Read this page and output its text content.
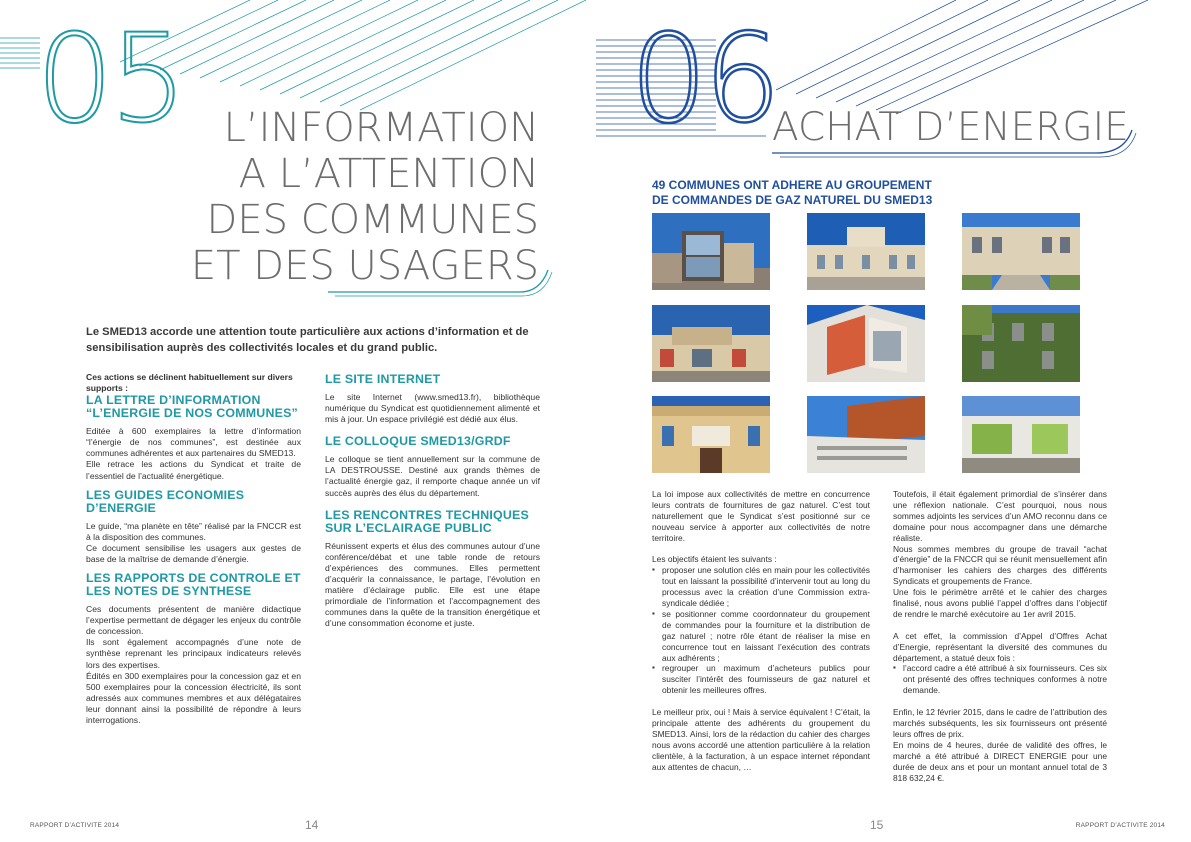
05	L’INFORMATION
A L’ATTENTION
DES COMMUNES
ET DES USAGERS
Le SMED13 accorde une attention toute particulière aux actions d’information et de sensibilisation auprès des collectivités locales et du grand public.

Ces actions se déclinent habituellement sur divers supports :

LA LETTRE D’INFORMATION
“L’ENERGIE DE NOS COMMUNES”

Editée à 600 exemplaires la lettre d’information “l’énergie de nos communes”, est destinée aux communes adhérentes et aux partenaires du SMED13.

Elle retrace les actions du Syndicat et traite de l’essentiel de l’actualité énergétique.

LES GUIDES ECONOMIES D’ENERGIE

Le guide, “ma planète en tête” réalisé par la FNCCR est à la disposition des communes.

Ce document sensibilise les usagers aux gestes de base de la maîtrise de demande d’énergie.

LES RAPPORTS DE CONTROLE ET
LES NOTES DE SYNTHESE

Ces documents présentent de manière didactique l’expertise permettant de dégager les enjeux du contrôle de concession.

Ils sont également accompagnés d’une note de synthèse reprenant les principaux indicateurs relevés lors des expertises.

Édités en 300 exemplaires pour la concession gaz et en 500 exemplaires pour la concession électricité, ils sont adressés aux communes membres et aux délégataires leur donnant ainsi la possibilité de répondre à leurs interrogations.

LE SITE INTERNET

Le site Internet (www.smed13.fr), bibliothèque numérique du Syndicat est quotidiennement alimenté et mis à jour. Un espace privilégié est dédié aux élus.

LE COLLOQUE SMED13/GRDF

Le colloque se tient annuellement sur la commune de LA DESTROUSSE. Destiné aux grands thèmes de l’actualité énergie gaz, il remporte chaque année un vif succès auprès des élus du département.

LES RENCONTRES TECHNIQUES
SUR L’ECLAIRAGE PUBLIC

Réunissent experts et élus des communes autour d’une conférence/débat et une table ronde de retours d’expériences des communes. Elles permettent d’acquérir la connaissance, le partage, l’évolution en matière d’éclairage public. Elle est une étape primordiale de l’information et l’accompagnement des communes dans la quête de la transition énergétique et d’une consommation économe et juste.

RAPPORT D’ACTIVITE 2014	14
06
ACHAT D’ENERGIE
RAPPORT D’ACTIVITE 2014
15
49 COMMUNES ONT ADHERE AU GROUPEMENT
DE COMMANDES DE GAZ NATUREL DU SMED13

La loi impose aux collectivités de mettre en concurrence leurs contrats de fournitures de gaz naturel. C’est tout naturellement que le Syndicat s’est positionné sur ce nouveau service à apporter aux collectivités de notre territoire.

Les objectifs étaient les suivants :

▪ proposer une solution clés en main pour les collectivités tout en laissant la possibilité d’intervenir tout au long du processus avec la création d’une Commission extra-syndicale dédiée ;
▪ se positionner comme coordonnateur du groupement de commandes pour la fourniture et la distribution de gaz naturel ; notre rôle étant de réaliser la mise en concurrence tout en laissant l’exécution des contrats aux adhérents ;
▪ regrouper un maximum d’acheteurs publics pour susciter l’intérêt des fournisseurs de gaz naturel et obtenir les meilleures offres.

Le meilleur prix, oui ! Mais à service équivalent ! C’était, la principale attente des adhérents du groupement du SMED13. Ainsi, lors de la rédaction du cahier des charges nous avons accordé une attention particulière à la relation clientèle, à la facturation, à un espace internet répondant aux attentes de chacun, …

Toutefois, il était également primordial de s’insérer dans une réflexion nationale. C’est pourquoi, nous nous sommes adjoints les services d’un AMO reconnu dans ce domaine pour nous accompagner dans une démarche réaliste.

Nous sommes membres du groupe de travail “achat d’énergie” de la FNCCR qui se réunit mensuellement afin d’harmoniser les cahiers des charges des différents Syndicats et groupements de France.

Une fois le périmètre arrêté et le cahier des charges finalisé, nous avons publié l’appel d’offres dans l’objectif de rendre le marché exécutoire au 1er avril 2015.

A cet effet, la commission d’Appel d’Offres Achat d’Energie, représentant la diversité des communes du département, a statué deux fois :

▪ l’accord cadre a été attribué à six fournisseurs. Ces six ont présenté des offres techniques conformes à notre demande.

Enfin, le 12 février 2015, dans le cadre de l’attribution des marchés subséquents, les six fournisseurs ont présenté leurs offres de prix.

En moins de 4 heures, durée de validité des offres, le marché a été attribué à DIRECT ENERGIE pour une durée de deux ans et pour un montant annuel total de 3 818 632,24 €.
